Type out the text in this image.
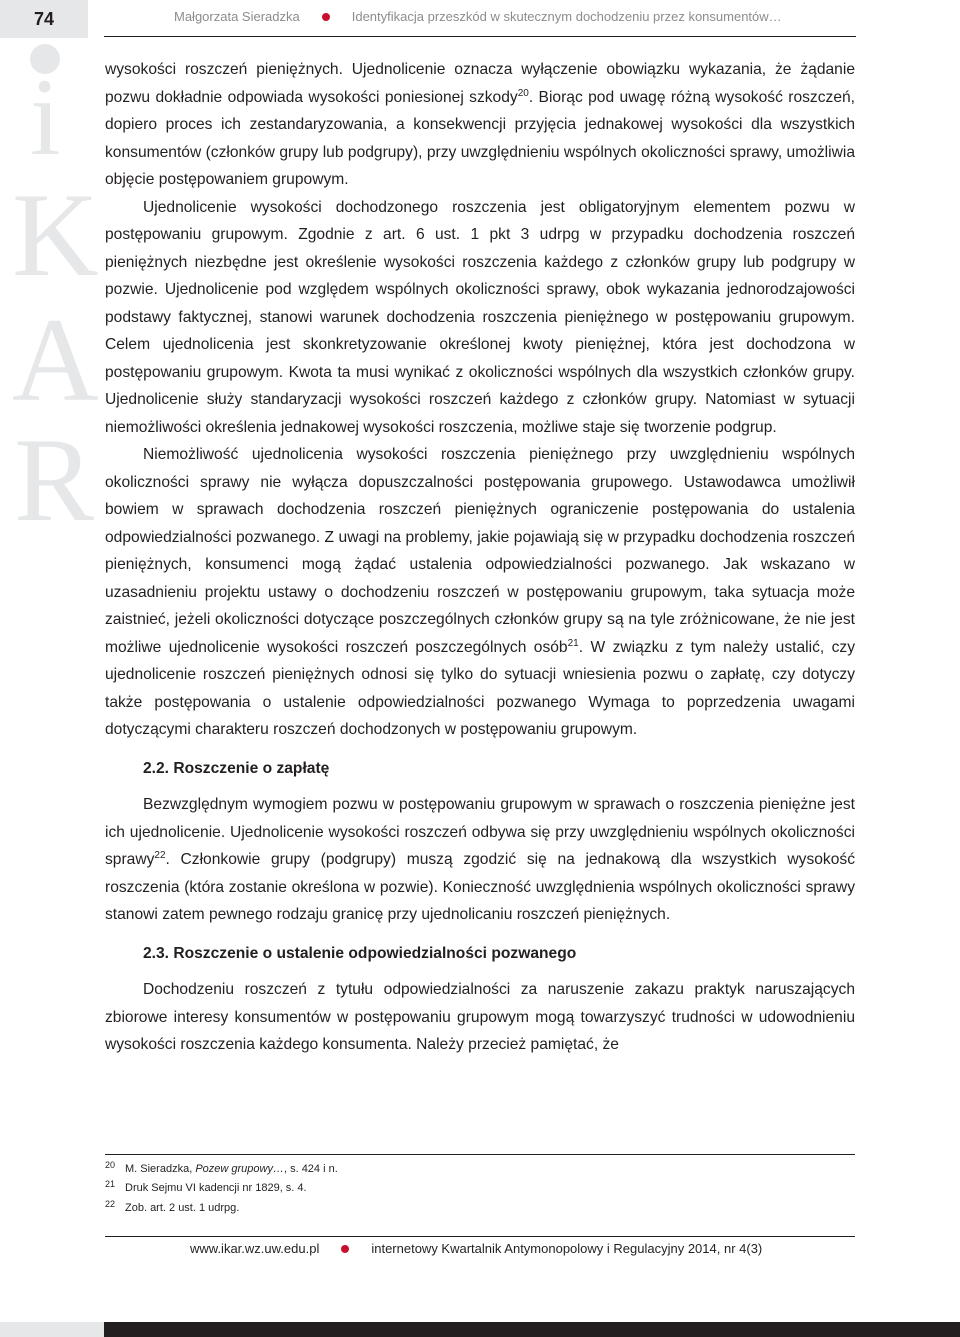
74	Małgorzata Sieradzka	Identyfikacja przeszkód w skutecznym dochodzeniu przez konsumentów…
i
K
A
R

wysokości roszczeń pieniężnych. Ujednolicenie oznacza wyłączenie obowiązku wykazania, że żądanie pozwu dokładnie odpowiada wysokości poniesionej szkody$^{20}$. Biorąc pod uwagę różną wysokość roszczeń, dopiero proces ich zestandaryzowania, a konsekwencji przyjęcia jednakowej wysokości dla wszystkich konsumentów (członków grupy lub podgrupy), przy uwzględnieniu wspólnych okoliczności sprawy, umożliwia objęcie postępowaniem grupowym.

Ujednolicenie wysokości dochodzonego roszczenia jest obligatoryjnym elementem pozwu w postępowaniu grupowym. Zgodnie z art. 6 ust. 1 pkt 3 udrpg w przypadku dochodzenia roszczeń pieniężnych niezbędne jest określenie wysokości roszczenia każdego z członków grupy lub podgrupy w pozwie. Ujednolicenie pod względem wspólnych okoliczności sprawy, obok wykazania jednorodzajowości podstawy faktycznej, stanowi warunek dochodzenia roszczenia pieniężnego w postępowaniu grupowym. Celem ujednolicenia jest skonkretyzowanie określonej kwoty pieniężnej, która jest dochodzona w postępowaniu grupowym. Kwota ta musi wynikać z okoliczności wspólnych dla wszystkich członków grupy. Ujednolicenie służy standaryzacji wysokości roszczeń każdego z członków grupy. Natomiast w sytuacji niemożliwości określenia jednakowej wysokości roszczenia, możliwe staje się tworzenie podgrup.

Niemożliwość ujednolicenia wysokości roszczenia pieniężnego przy uwzględnieniu wspólnych okoliczności sprawy nie wyłącza dopuszczalności postępowania grupowego. Ustawodawca umożliwił bowiem w sprawach dochodzenia roszczeń pieniężnych ograniczenie postępowania do ustalenia odpowiedzialności pozwanego. Z uwagi na problemy, jakie pojawiają się w przypadku dochodzenia roszczeń pieniężnych, konsumenci mogą żądać ustalenia odpowiedzialności pozwanego. Jak wskazano w uzasadnieniu projektu ustawy o dochodzeniu roszczeń w postępowaniu grupowym, taka sytuacja może zaistnieć, jeżeli okoliczności dotyczące poszczególnych członków grupy są na tyle zróżnicowane, że nie jest możliwe ujednolicenie wysokości roszczeń poszczególnych osób$^{21}$. W związku z tym należy ustalić, czy ujednolicenie roszczeń pieniężnych odnosi się tylko do sytuacji wniesienia pozwu o zapłatę, czy dotyczy także postępowania o ustalenie odpowiedzialności pozwanego Wymaga to poprzedzenia uwagami dotyczącymi charakteru roszczeń dochodzonych w postępowaniu grupowym.

2.2. Roszczenie o zapłatę

Bezwzględnym wymogiem pozwu w postępowaniu grupowym w sprawach o roszczenia pieniężne jest ich ujednolicenie. Ujednolicenie wysokości roszczeń odbywa się przy uwzględnieniu wspólnych okoliczności sprawy$^{22}$. Członkowie grupy (podgrupy) muszą zgodzić się na jednakową dla wszystkich wysokość roszczenia (która zostanie określona w pozwie). Konieczność uwzględnienia wspólnych okoliczności sprawy stanowi zatem pewnego rodzaju granicę przy ujednolicaniu roszczeń pieniężnych.

2.3. Roszczenie o ustalenie odpowiedzialności pozwanego

Dochodzeniu roszczeń z tytułu odpowiedzialności za naruszenie zakazu praktyk naruszających zbiorowe interesy konsumentów w postępowaniu grupowym mogą towarzyszyć trudności w udowodnieniu wysokości roszczenia każdego konsumenta. Należy przecież pamiętać, że

20 M. Sieradzka, Pozew grupowy…, s. 424 i n.
21 Druk Sejmu VI kadencji nr 1829, s. 4.
22 Zob. art. 2 ust. 1 udrpg.
www.ikar.wz.uw.edu.pl	internetowy Kwartalnik Antymonopolowy i Regulacyjny 2014, nr 4(3)
